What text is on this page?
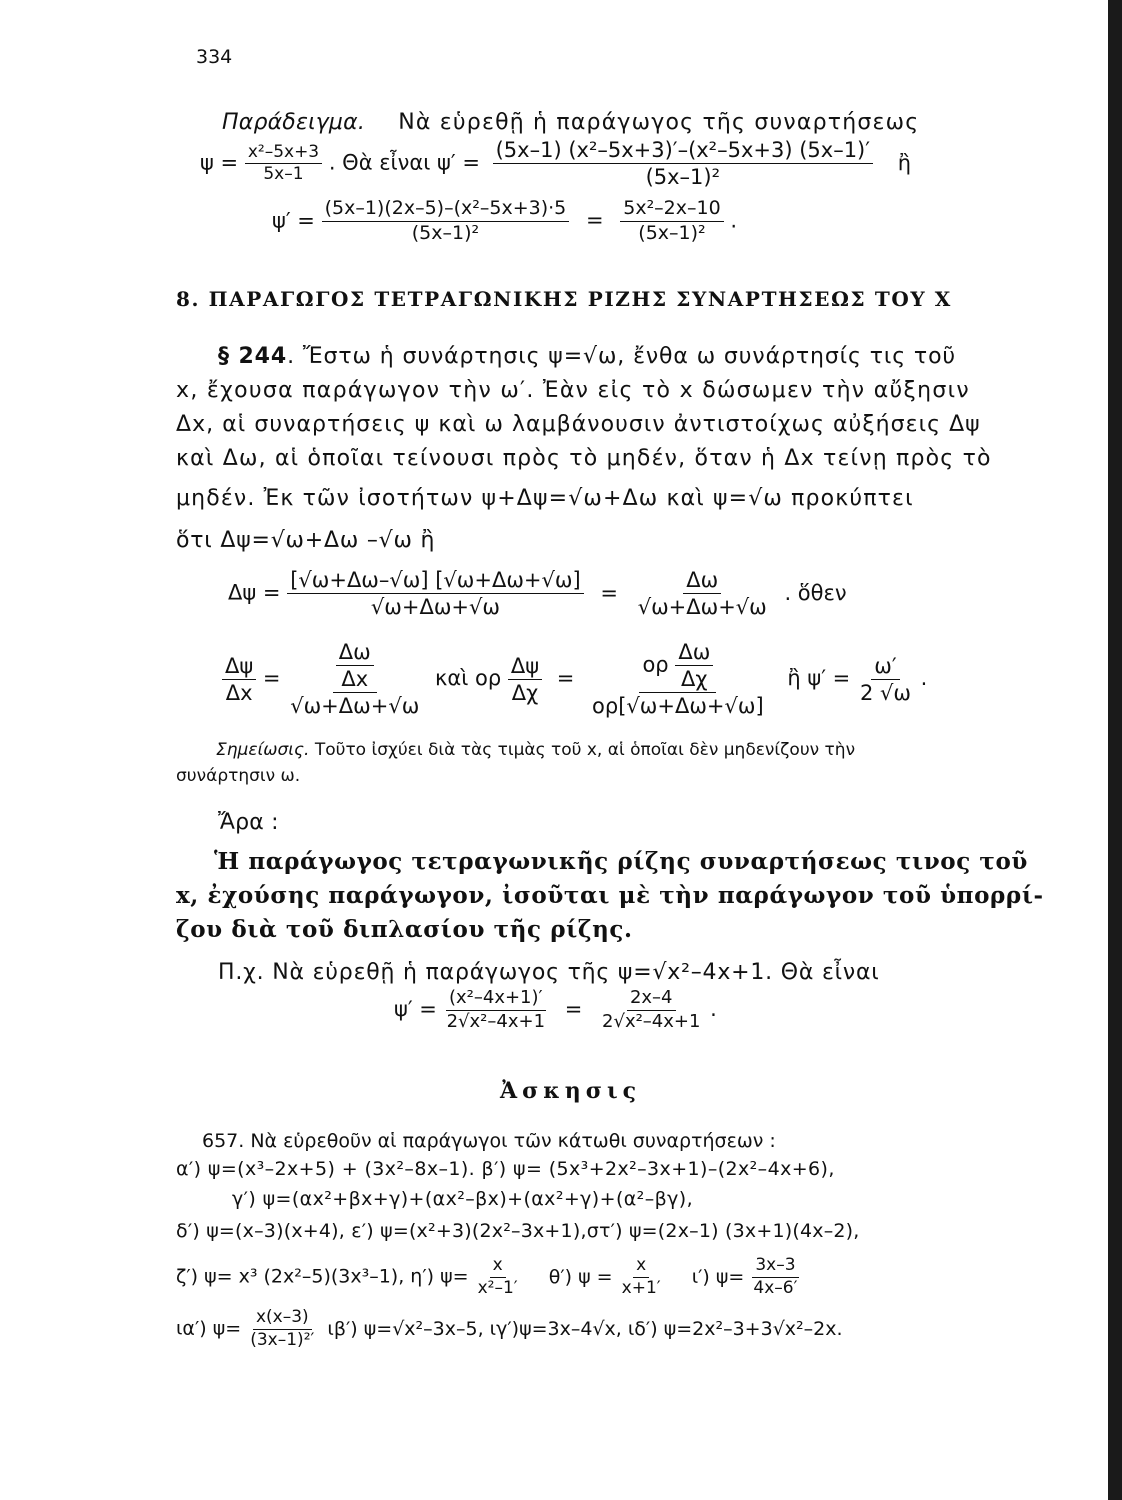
334
Παράδειγμα. Νὰ εὑρεθῇ ἡ παράγωγος τῆς συναρτήσεως
$\psi = \frac{\text{x²–5x+3}}{5x-1}$ . Θὰ εἶναι $\psi' = \frac{\text{(5x–1) (x²–5x+3)′–(x²–5x+3) (5x–1)′}}{\text{(5x–1)²}}$ ἢ
$\psi' = \frac{\text{(5x–1)(2x–5)–(x²–5x+3)·5}}{\text{(5x–1)²}} = \frac{\text{5x²–2x–10}}{\text{(5x–1)²}}$ .
8. ΠΑΡΑΓΩΓΟΣ ΤΕΤΡΑΓΩΝΙΚΗΣ ΡΙΖΗΣ ΣΥΝΑΡΤΗΣΕΩΣ ΤΟΥ Χ
§ 244. Ἔστω ἡ συνάρτησις ψ=√ω, ἔνθα ω συνάρτησίς τις τοῦ
x, ἔχουσα παράγωγον τὴν ω′. Ἐὰν εἰς τὸ x δώσωμεν τὴν αὔξησιν
Δx, αἱ συναρτήσεις ψ καὶ ω λαμβάνουσιν ἀντιστοίχως αὐξήσεις Δψ
καὶ Δω, αἱ ὁποῖαι τείνουσι πρὸς τὸ μηδέν, ὅταν ἡ Δx τείνῃ πρὸς τὸ
μηδέν. Ἐκ τῶν ἰσοτήτων ψ+Δψ=√ω+Δω καὶ ψ=√ω προκύπτει
ὅτι Δψ=√ω+Δω –√ω ἢ
$\Delta\psi = \frac{[√\omega+\Delta\omega-√\omega] [√\omega+\Delta\omega+√\omega]}{√\omega+\Delta\omega+√\omega} = \frac{\Delta\omega}{√\omega+\Delta\omega+√\omega}$ . ὅθεν
$\frac{\Delta\psi}{\Delta x} = \frac{\frac{\Delta\omega}{\Delta x}}{√\omega+\Delta\omega+√\omega}$ καὶ ορ $\frac{\Delta\psi}{\Delta\chi} = \frac{o\rho \frac{\Delta\omega}{\Delta\chi}}{o\rho[√\omega+\Delta\omega+√\omega]}$ ἢ $\psi' = \frac{\omega'}{2 √\omega}$ .
Σημείωσις. Τοῦτο ἰσχύει διὰ τὰς τιμὰς τοῦ x, αἱ ὁποῖαι δὲν μηδενίζουν τὴν
συνάρτησιν ω.
Ἄρα :
Ἡ παράγωγος τετραγωνικῆς ρίζης συναρτήσεως τινος τοῦ
x, ἐχούσης παράγωγον, ἰσοῦται μὲ τὴν παράγωγον τοῦ ὑπορρί-
ζου διὰ τοῦ διπλασίου τῆς ρίζης.
Π.χ. Νὰ εὑρεθῇ ἡ παράγωγος τῆς ψ=√x²–4x+1. Θὰ εἶναι
$\psi' = \frac{\text{(x²–4x+1)′}}{\text{2√x²–4x+1}} = \frac{2x-4}{\text{2√x²–4x+1}}$ .
Ἀσκησις
657. Νὰ εὑρεθοῦν αἱ παράγωγοι τῶν κάτωθι συναρτήσεων :
α′) ψ=(x³–2x+5) + (3x²–8x–1). β′) ψ= (5x³+2x²–3x+1)–(2x²–4x+6),
γ′) ψ=(αx²+βx+γ)+(αx²–βx)+(αx²+γ)+(α²–βγ),
δ′) ψ=(x–3)(x+4), ε′) ψ=(x²+3)(2x²–3x+1),στ′) ψ=(2x–1) (3x+1)(4x–2),
ζ′) ψ= x³ (2x²–5)(3x³–1), η′) $\psi= \frac{x}{\text{x²–1′}} \theta'$) $\psi = \frac{x}{x+1'} \iota'$) $\psi= \frac{3x-3}{4x-6'}$
ια′) $\psi= \frac{x(x-3)}{\text{(3x–1)²′}} \iota\beta'$) ψ=√x²–3x–5, ιγ′)ψ=3x–4√x, ιδ′) ψ=2x²–3+3√x²–2x.
